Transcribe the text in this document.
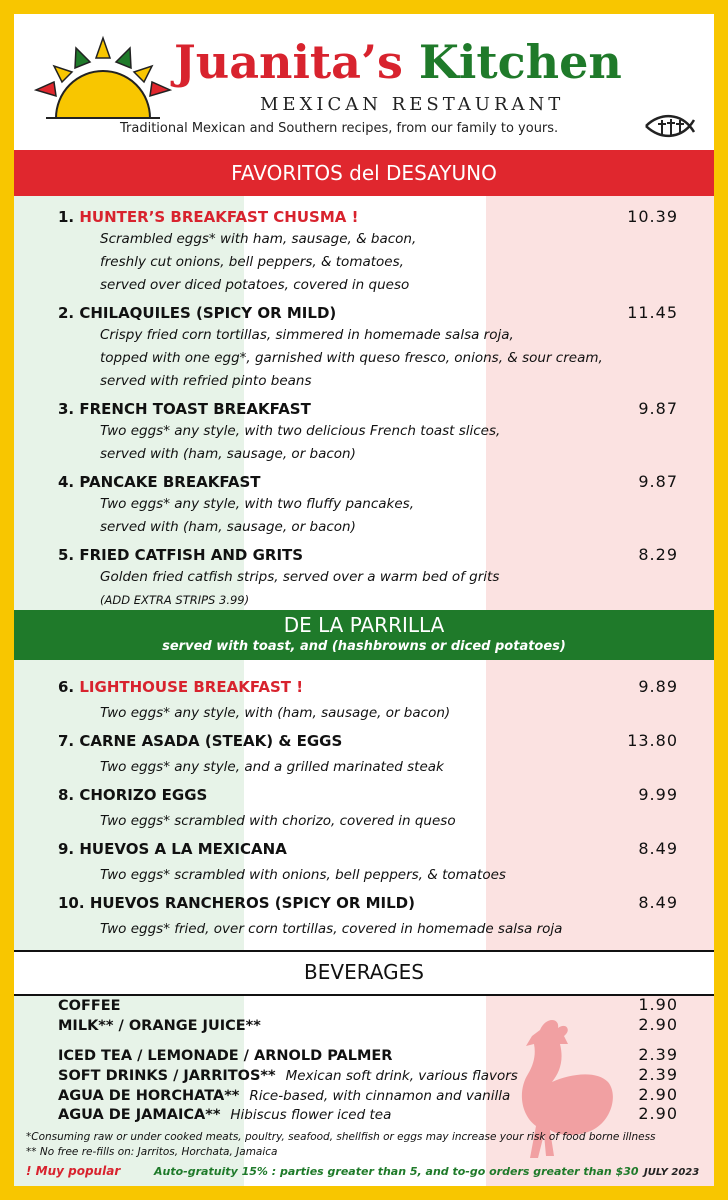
Juanita’s Kitchen
MEXICAN RESTAURANT
Traditional Mexican and Southern recipes, from our family to yours.
FAVORITOS del DESAYUNO
1. HUNTER’S BREAKFAST CHUSMA !	10.39
Scrambled eggs* with ham, sausage, & bacon,
freshly cut onions, bell peppers, & tomatoes,
served over diced potatoes, covered in queso
2. CHILAQUILES (SPICY OR MILD)	11.45
Crispy fried corn tortillas, simmered in homemade salsa roja,
topped with one egg*, garnished with queso fresco, onions, & sour cream,
served with refried pinto beans
3. FRENCH TOAST BREAKFAST	9.87
Two eggs* any style, with two delicious French toast slices,
served with (ham, sausage, or bacon)
4. PANCAKE BREAKFAST	9.87
Two eggs* any style, with two fluffy pancakes,
served with (ham, sausage, or bacon)
5. FRIED CATFISH AND GRITS	8.29
Golden fried catfish strips, served over a warm bed of grits
(ADD EXTRA STRIPS 3.99)
DE LA PARRILLA
served with toast, and (hashbrowns or diced potatoes)
6. LIGHTHOUSE BREAKFAST !	9.89
Two eggs* any style, with (ham, sausage, or bacon)
7. CARNE ASADA (STEAK) & EGGS	13.80
Two eggs* any style, and a grilled marinated steak
8. CHORIZO EGGS	9.99
Two eggs* scrambled with chorizo, covered in queso
9. HUEVOS A LA MEXICANA	8.49
Two eggs* scrambled with onions, bell peppers, & tomatoes
10. HUEVOS RANCHEROS (SPICY OR MILD)	8.49
Two eggs* fried, over corn tortillas, covered in homemade salsa roja
BEVERAGES
COFFEE	1.90
MILK** / ORANGE JUICE**	2.90
ICED TEA / LEMONADE / ARNOLD PALMER	2.39
SOFT DRINKS / JARRITOS** Mexican soft drink, various flavors	2.39
AGUA DE HORCHATA** Rice-based, with cinnamon and vanilla	2.90
AGUA DE JAMAICA** Hibiscus flower iced tea	2.90
*Consuming raw or under cooked meats, poultry, seafood, shellfish or eggs may increase your risk of food borne illness
** No free re-fills on: Jarritos, Horchata, Jamaica
! Muy popular	Auto-gratuity 15% : parties greater than 5, and to-go orders greater than $30 JULY 2023
